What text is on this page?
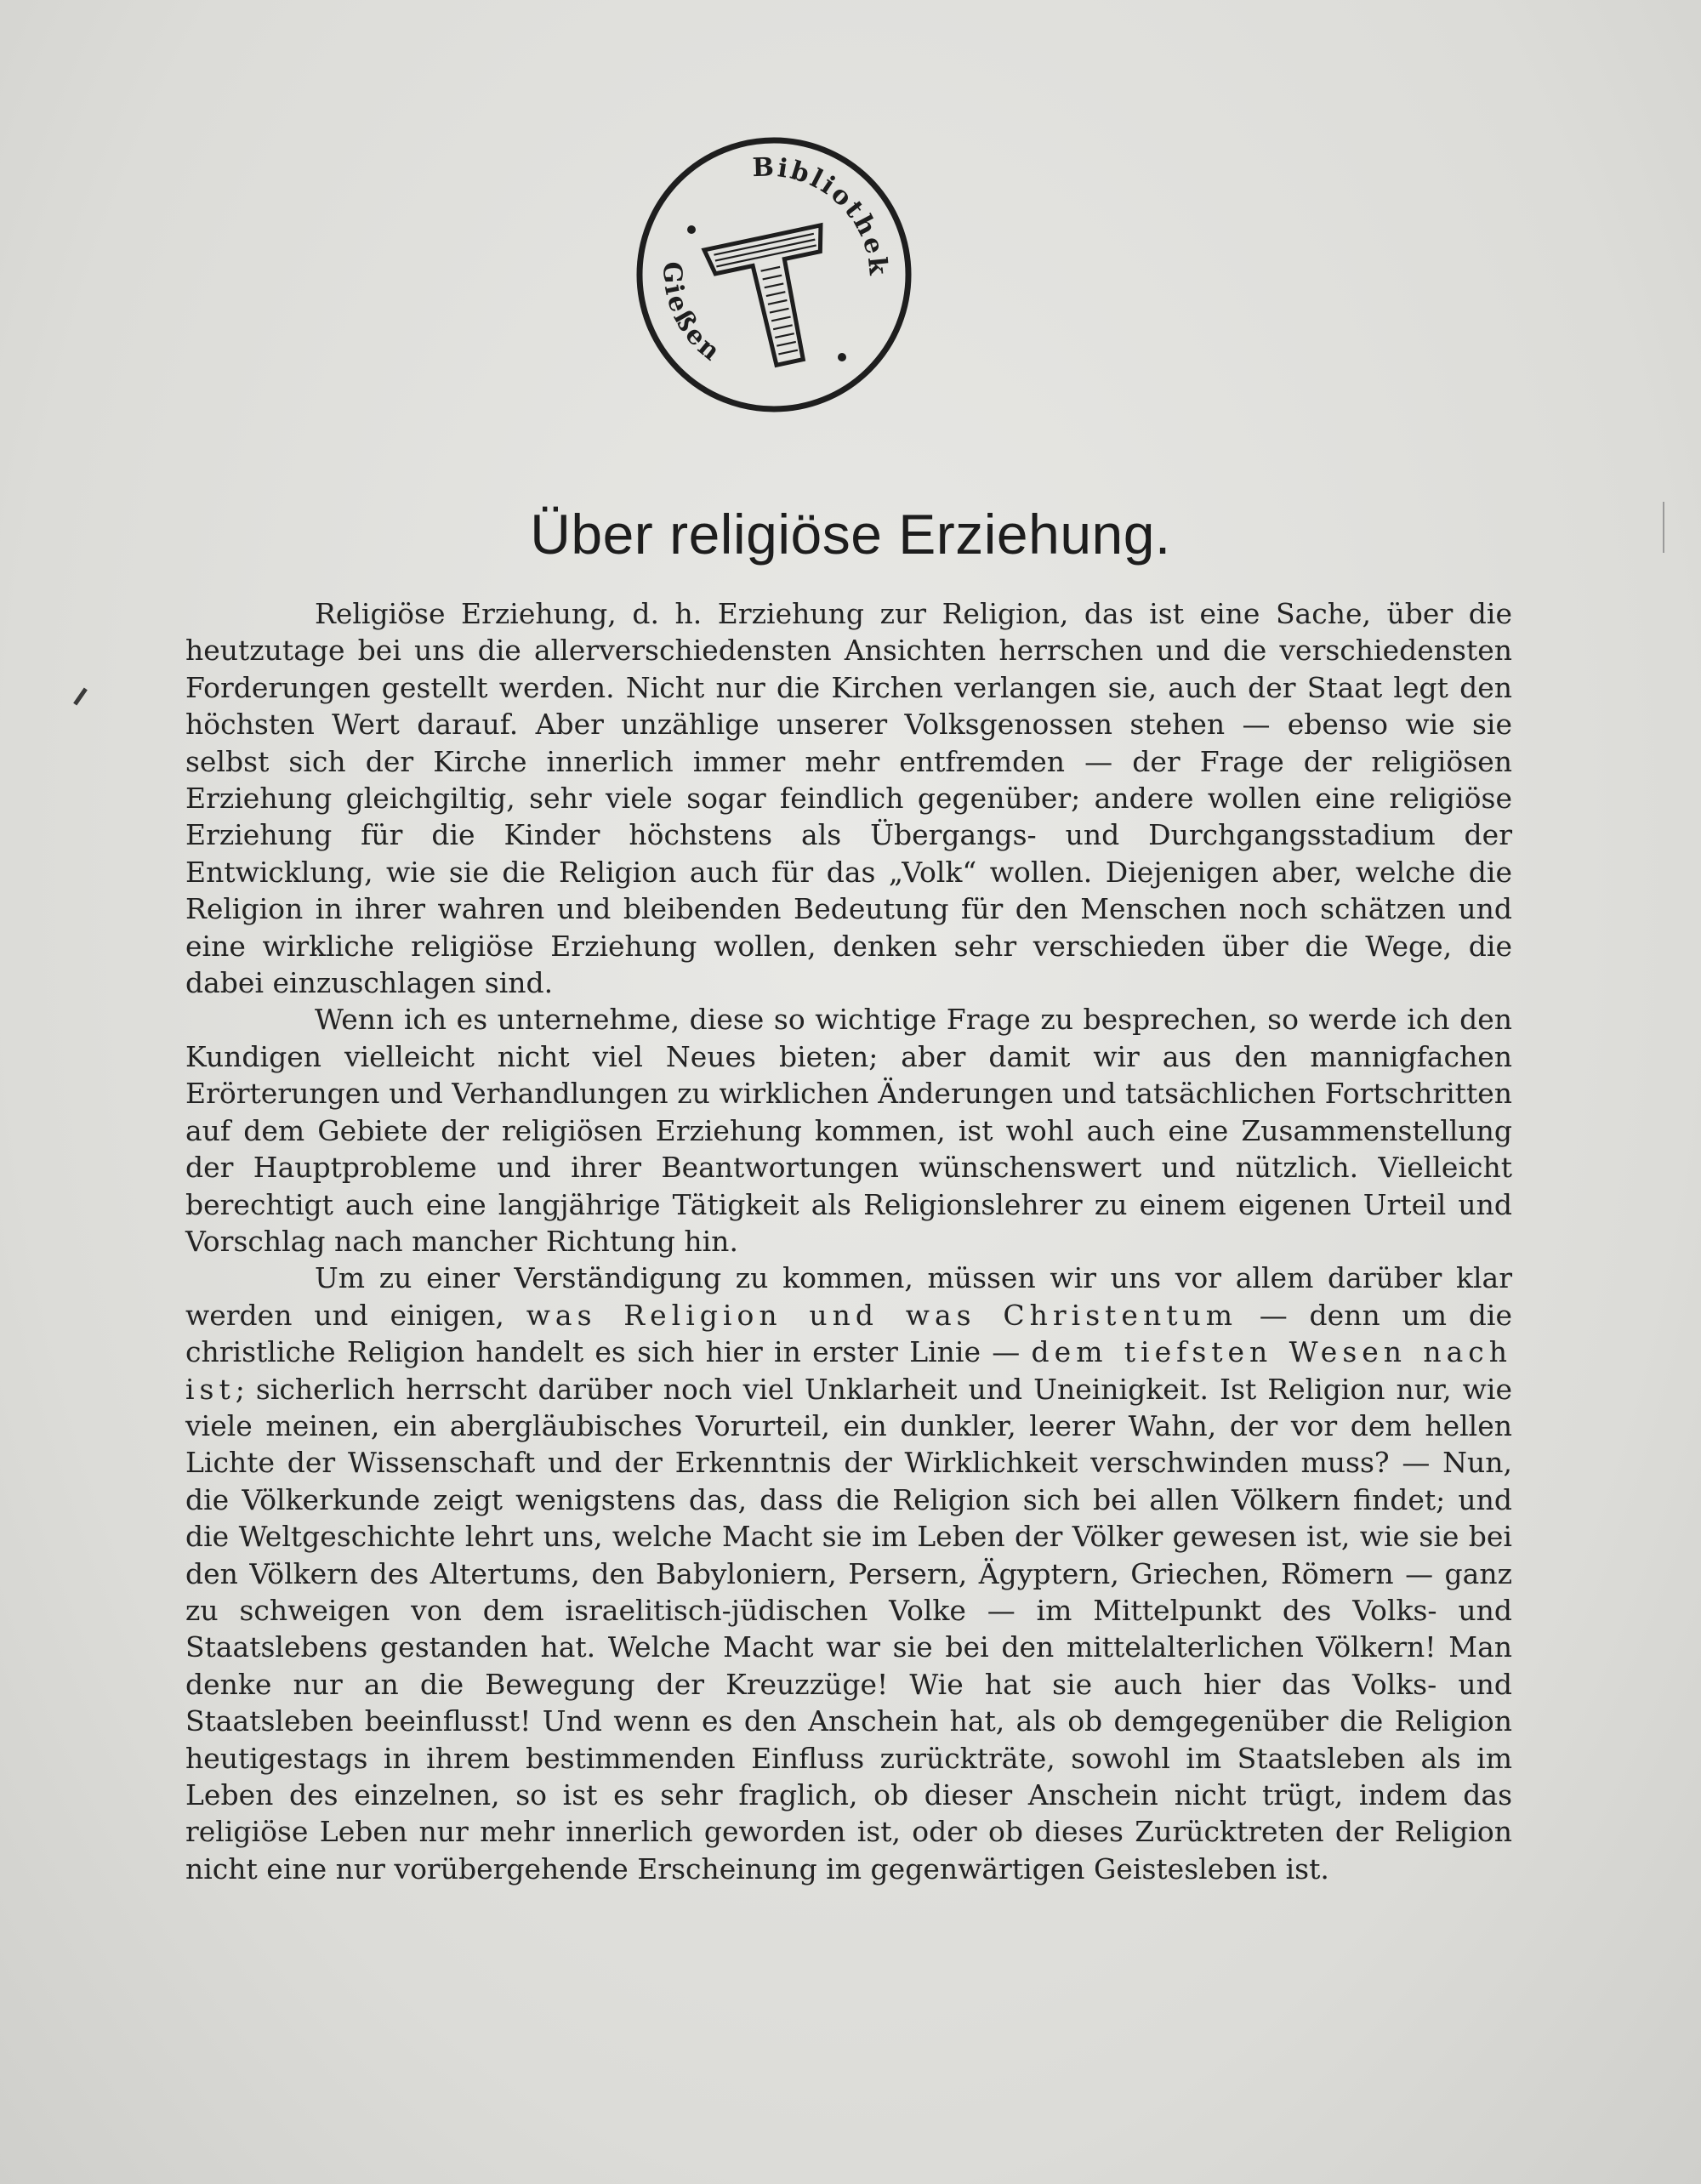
Bibliothek
Gießen
Über religiöse Erziehung.

Religiöse Erziehung, d. h. Erziehung zur Religion, das ist eine Sache, über die heutzutage bei uns die allerverschiedensten Ansichten herrschen und die verschiedensten Forderungen gestellt werden. Nicht nur die Kirchen verlangen sie, auch der Staat legt den höchsten Wert darauf. Aber unzählige unserer Volksgenossen stehen — ebenso wie sie selbst sich der Kirche innerlich immer mehr entfremden — der Frage der religiösen Erziehung gleichgiltig, sehr viele sogar feindlich gegenüber; andere wollen eine religiöse Erziehung für die Kinder höchstens als Übergangs- und Durchgangsstadium der Entwicklung, wie sie die Religion auch für das „Volk“ wollen. Diejenigen aber, welche die Religion in ihrer wahren und bleibenden Bedeutung für den Menschen noch schätzen und eine wirkliche religiöse Erziehung wollen, denken sehr verschieden über die Wege, die dabei einzuschlagen sind.

Wenn ich es unternehme, diese so wichtige Frage zu besprechen, so werde ich den Kundigen vielleicht nicht viel Neues bieten; aber damit wir aus den mannigfachen Erörterungen und Verhandlungen zu wirklichen Änderungen und tatsächlichen Fortschritten auf dem Gebiete der religiösen Erziehung kommen, ist wohl auch eine Zusammenstellung der Hauptprobleme und ihrer Beantwortungen wünschenswert und nützlich. Vielleicht berechtigt auch eine langjährige Tätigkeit als Religionslehrer zu einem eigenen Urteil und Vorschlag nach mancher Richtung hin.

Um zu einer Verständigung zu kommen, müssen wir uns vor allem darüber klar werden und einigen, was Religion und was Christentum — denn um die christliche Religion handelt es sich hier in erster Linie — dem tiefsten Wesen nach ist; sicherlich herrscht darüber noch viel Unklarheit und Uneinigkeit. Ist Religion nur, wie viele meinen, ein abergläubisches Vorurteil, ein dunkler, leerer Wahn, der vor dem hellen Lichte der Wissenschaft und der Erkenntnis der Wirklichkeit verschwinden muss? — Nun, die Völkerkunde zeigt wenigstens das, dass die Religion sich bei allen Völkern findet; und die Weltgeschichte lehrt uns, welche Macht sie im Leben der Völker gewesen ist, wie sie bei den Völkern des Altertums, den Babyloniern, Persern, Ägyptern, Griechen, Römern — ganz zu schweigen von dem israelitisch-jüdischen Volke — im Mittelpunkt des Volks- und Staatslebens gestanden hat. Welche Macht war sie bei den mittelalterlichen Völkern! Man denke nur an die Bewegung der Kreuzzüge! Wie hat sie auch hier das Volks- und Staatsleben beeinflusst! Und wenn es den Anschein hat, als ob demgegenüber die Religion heutigestags in ihrem bestimmenden Einfluss zurückträte, sowohl im Staatsleben als im Leben des einzelnen, so ist es sehr fraglich, ob dieser Anschein nicht trügt, indem das religiöse Leben nur mehr innerlich geworden ist, oder ob dieses Zurücktreten der Religion nicht eine nur vorübergehende Erscheinung im gegenwärtigen Geistesleben ist.
